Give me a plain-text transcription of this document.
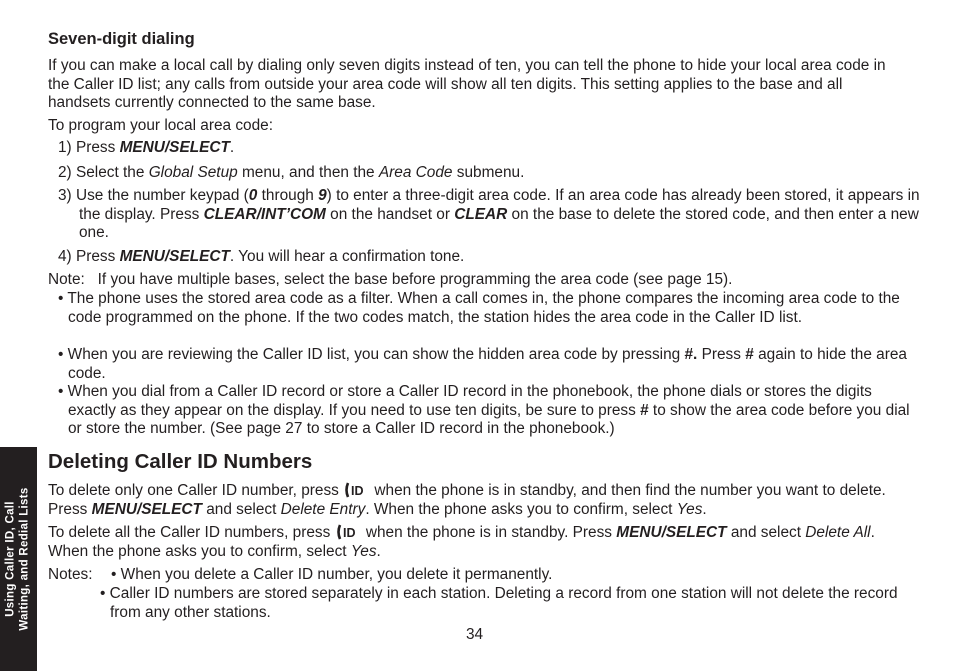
Seven-digit dialing

If you can make a local call by dialing only seven digits instead of ten, you can tell the phone to hide your local area code in the Caller ID list; any calls from outside your area code will show all ten digits. This setting applies to the base and all handsets currently connected to the same base.

To program your local area code:

1) Press MENU/SELECT.

2) Select the Global Setup menu, and then the Area Code submenu.

3) Use the number keypad (0 through 9) to enter a three-digit area code. If an area code has already been stored, it appears in the display. Press CLEAR/INT’COM on the handset or CLEAR on the base to delete the stored code, and then enter a new one.

4) Press MENU/SELECT. You will hear a confirmation tone.

Note:   If you have multiple bases, select the base before programming the area code (see page 15).

• The phone uses the stored area code as a filter. When a call comes in, the phone compares the incoming area code to the code programmed on the phone. If the two codes match, the station hides the area code in the Caller ID list.

• When you are reviewing the Caller ID list, you can show the hidden area code by pressing #. Press # again to hide the area code.

• When you dial from a Caller ID record or store a Caller ID record in the phonebook, the phone dials or stores the digits exactly as they appear on the display. If you need to use ten digits, be sure to press # to show the area code before you dial or store the number. (See page 27 to store a Caller ID record in the phonebook.)

Deleting Caller ID Numbers

To delete only one Caller ID number, press ID when the phone is in standby, and then find the number you want to delete. Press MENU/SELECT and select Delete Entry. When the phone asks you to confirm, select Yes.

To delete all the Caller ID numbers, press ID when the phone is in standby. Press MENU/SELECT and select Delete All. When the phone asks you to confirm, select Yes.

Notes: • When you delete a Caller ID number, you delete it permanently.
• Caller ID numbers are stored separately in each station. Deleting a record from one station will not delete the record from any other stations.
Using Caller ID, Call Waiting, and Redial Lists
34
